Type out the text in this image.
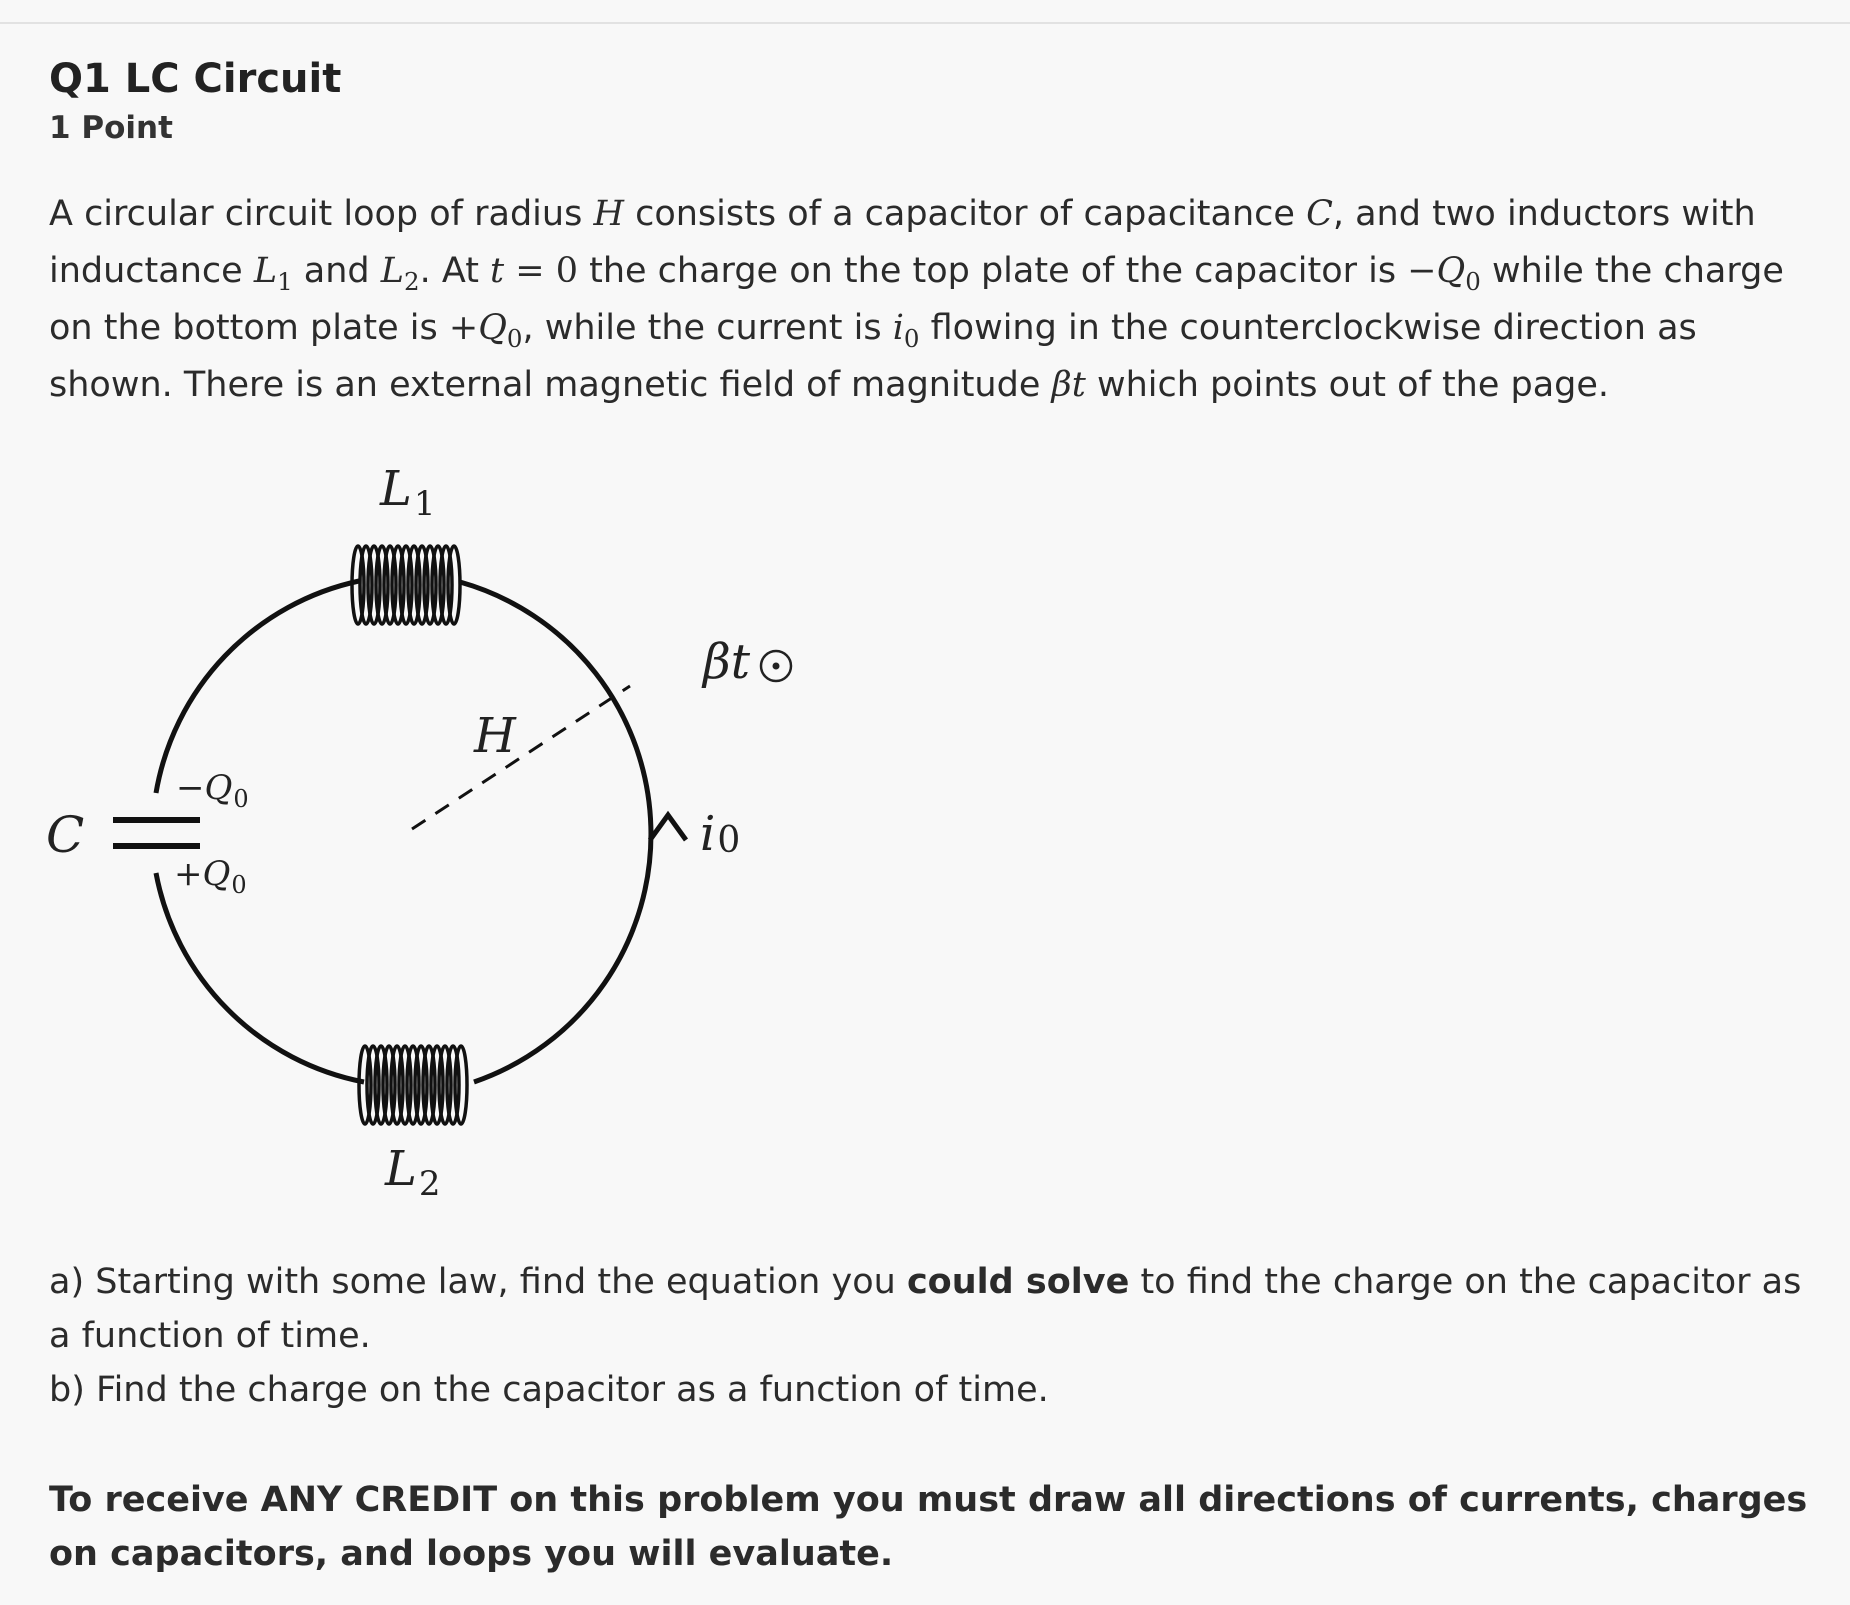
Q1 LC Circuit
1 Point
A circular circuit loop of radius H consists of a capacitor of capacitance C, and two inductors with inductance $L_1$ and $L_2$. At t = 0 the charge on the top plate of the capacitor is $-Q_0$ while the charge on the bottom plate is $+Q_0$, while the current is $i_0$ flowing in the counterclockwise direction as shown. There is an external magnetic field of magnitude βt which points out of the page.
$L_1$
$L_2$
H
C
$-Q_0$
$+Q_0$
βt
i0

a) Starting with some law, find the equation you could solve to find the charge on the capacitor as a function of time.

b) Find the charge on the capacitor as a function of time.

To receive ANY CREDIT on this problem you must draw all directions of currents, charges on capacitors, and loops you will evaluate.
